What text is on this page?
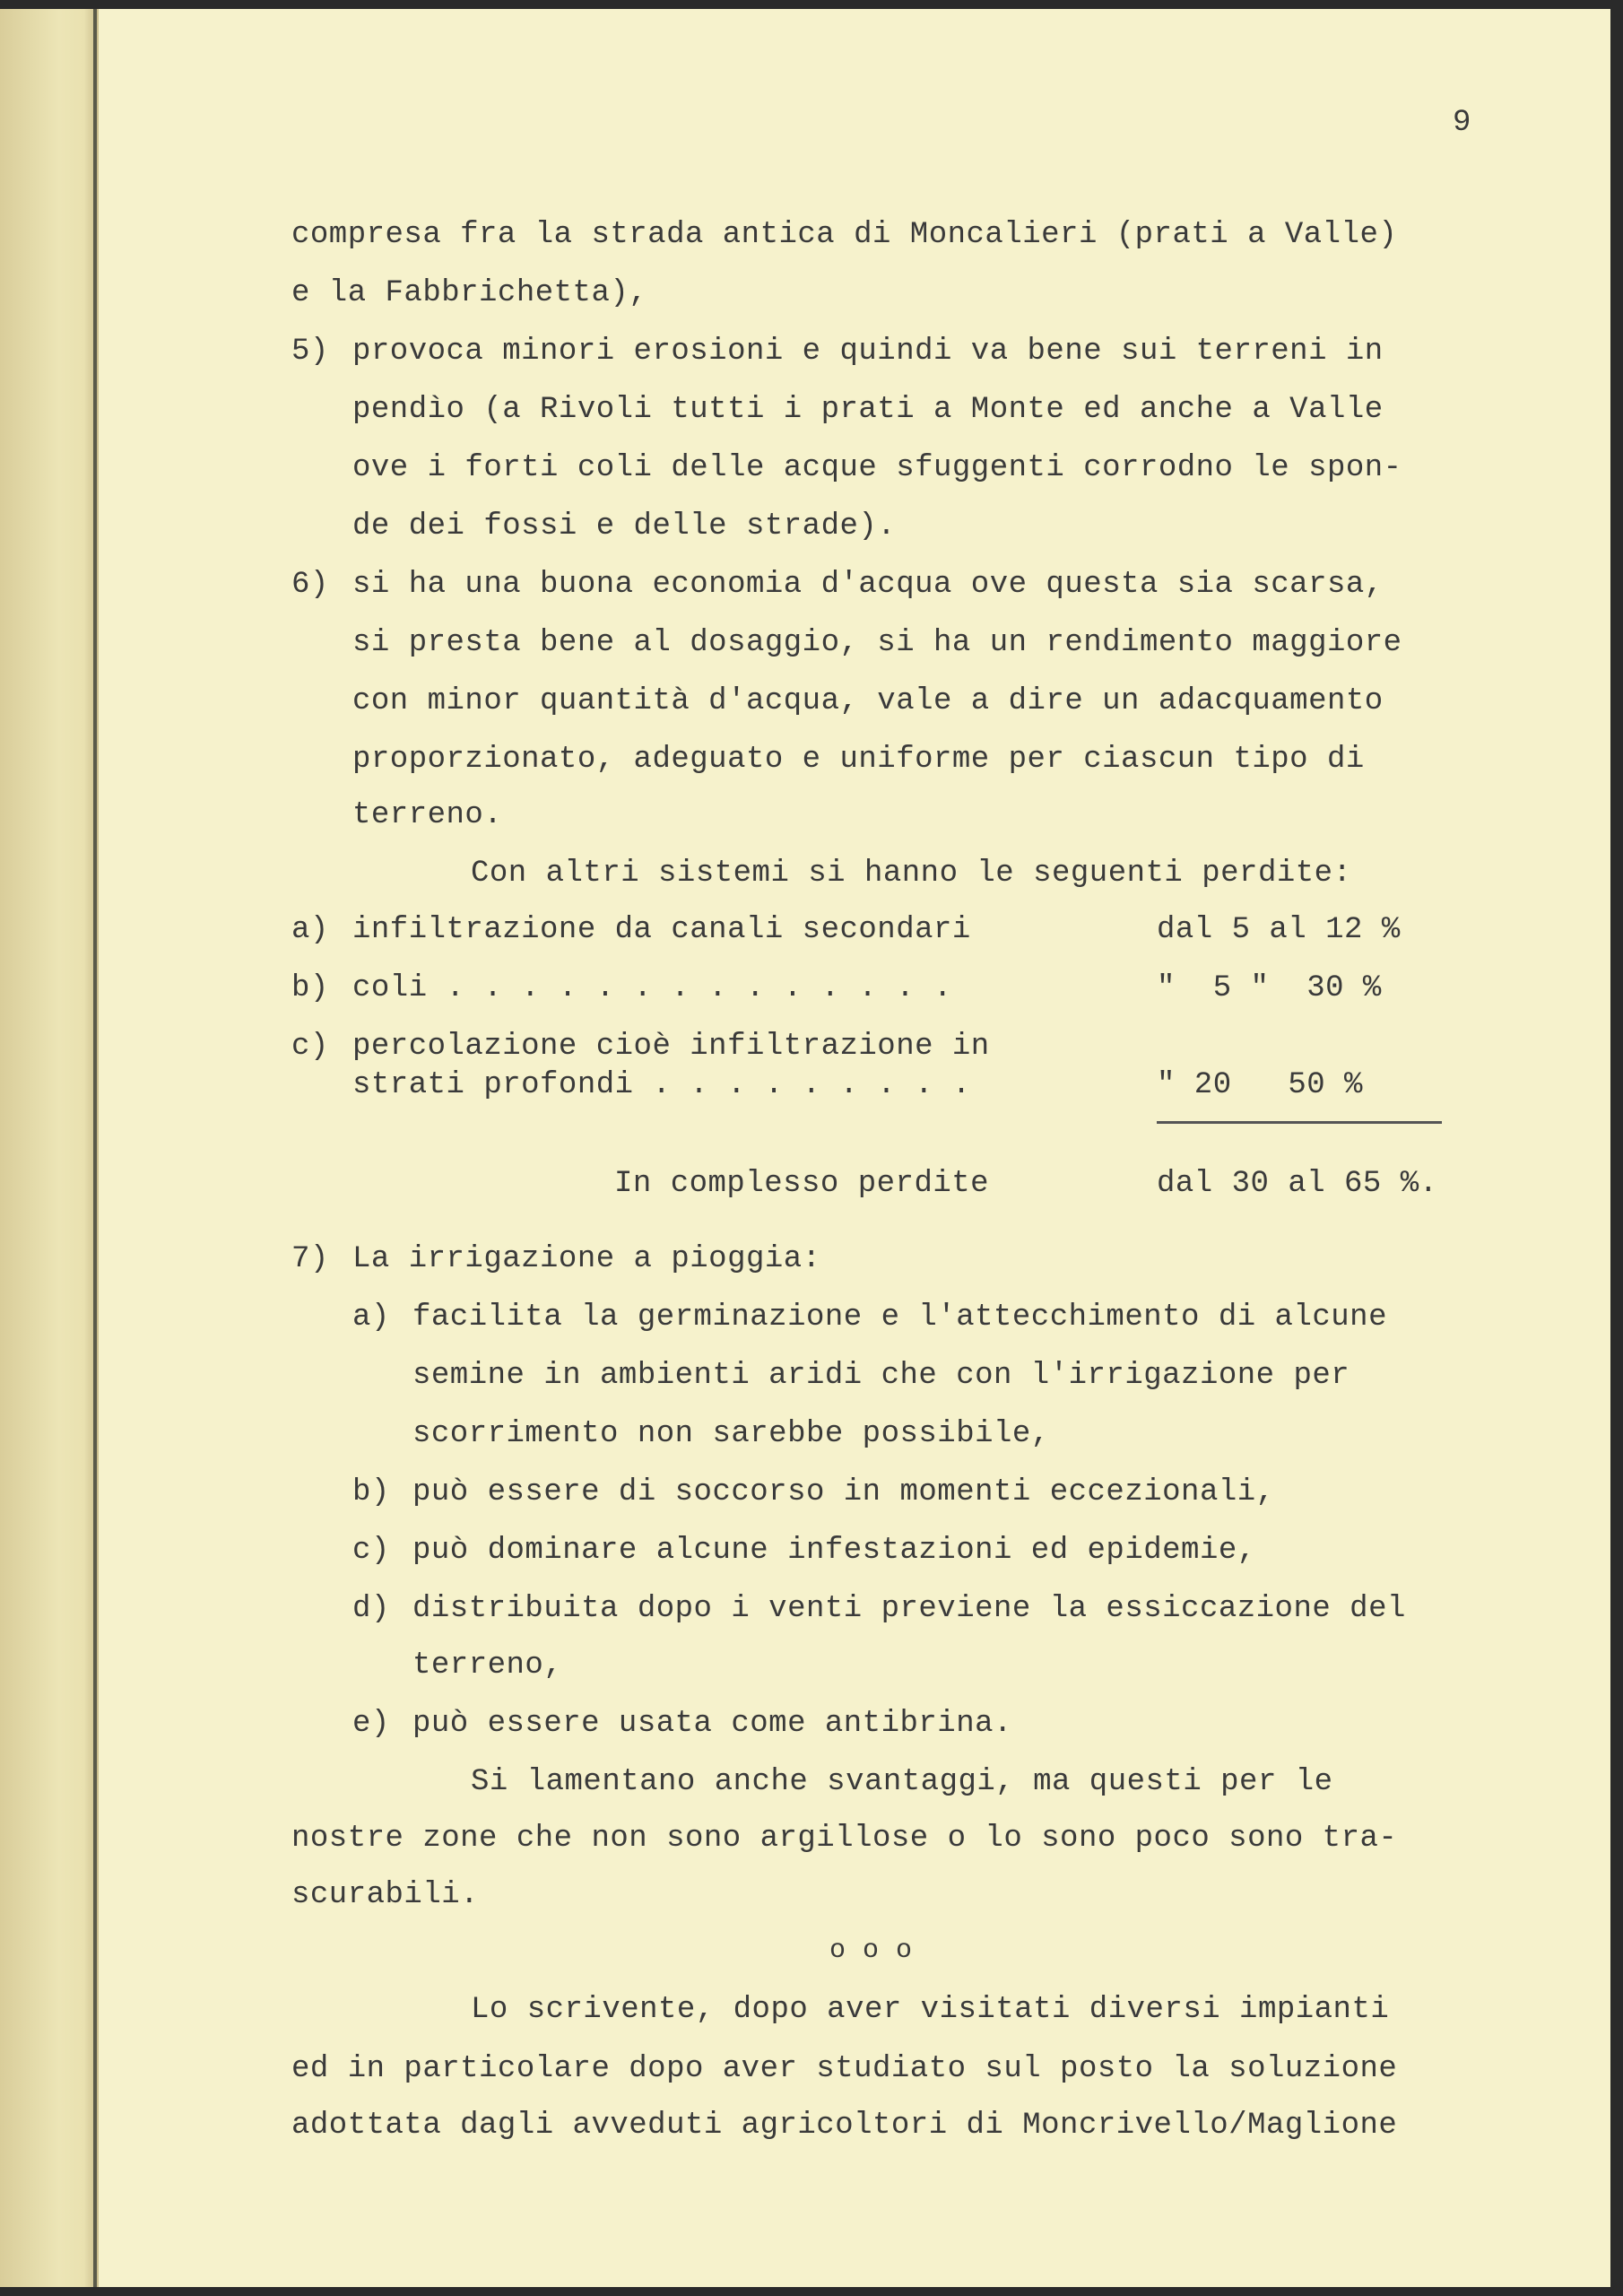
9
compresa fra la strada antica di Moncalieri (prati a Valle)
e la Fabbrichetta),
5) provoca minori erosioni e quindi va bene sui terreni in
pendìo (a Rivoli tutti i prati a Monte ed anche a Valle
ove i forti coli delle acque sfuggenti corrodno le spon-
de dei fossi e delle strade).
6) si ha una buona economia d'acqua ove questa sia scarsa,
si presta bene al dosaggio, si ha un rendimento maggiore
con minor quantità d'acqua, vale a dire un adacquamento
proporzionato, adeguato e uniforme per ciascun tipo di
terreno.
Con altri sistemi si hanno le seguenti perdite:
a) infiltrazione da canali secondari	dal 5 al 12 %
b) coli . . . . . . . . . . . . . .	"  5 "  30 %
c) percolazione cioè infiltrazione in
strati profondi . . . . . . . . .	" 20   50 %
In complesso perdite	dal 30 al 65 %.
7) La irrigazione a pioggia:
a) facilita la germinazione e l'attecchimento di alcune
semine in ambienti aridi che con l'irrigazione per
scorrimento non sarebbe possibile,
b) può essere di soccorso in momenti eccezionali,
c) può dominare alcune infestazioni ed epidemie,
d) distribuita dopo i venti previene la essiccazione del
terreno,
e) può essere usata come antibrina.
Si lamentano anche svantaggi, ma questi per le
nostre zone che non sono argillose o lo sono poco sono tra-
scurabili.
o o o
Lo scrivente, dopo aver visitati diversi impianti
ed in particolare dopo aver studiato sul posto la soluzione
adottata dagli avveduti agricoltori di Moncrivello/Maglione
